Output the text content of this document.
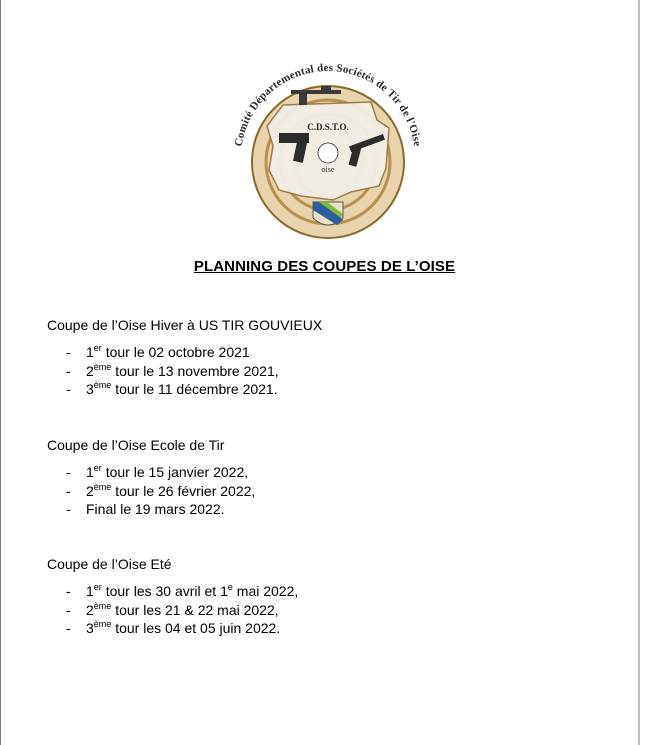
oise
C.D.S.T.O.
Comité Départemental des Sociétés de Tir de l'Oise
PLANNING DES COUPES DE L’OISE
Coupe de l’Oise Hiver à US TIR GOUVIEUX
- 1er tour le 02 octobre 2021
- 2ème tour le 13 novembre 2021,
- 3ème tour le 11 décembre 2021.
Coupe de l’Oise Ecole de Tir
- 1er tour le 15 janvier 2022,
- 2ème tour le 26 février 2022,
- Final le 19 mars 2022.
Coupe de l’Oise Eté
- 1er tour les 30 avril et 1e mai 2022,
- 2ème tour les 21 & 22 mai 2022,
- 3ème tour les 04 et 05 juin 2022.
